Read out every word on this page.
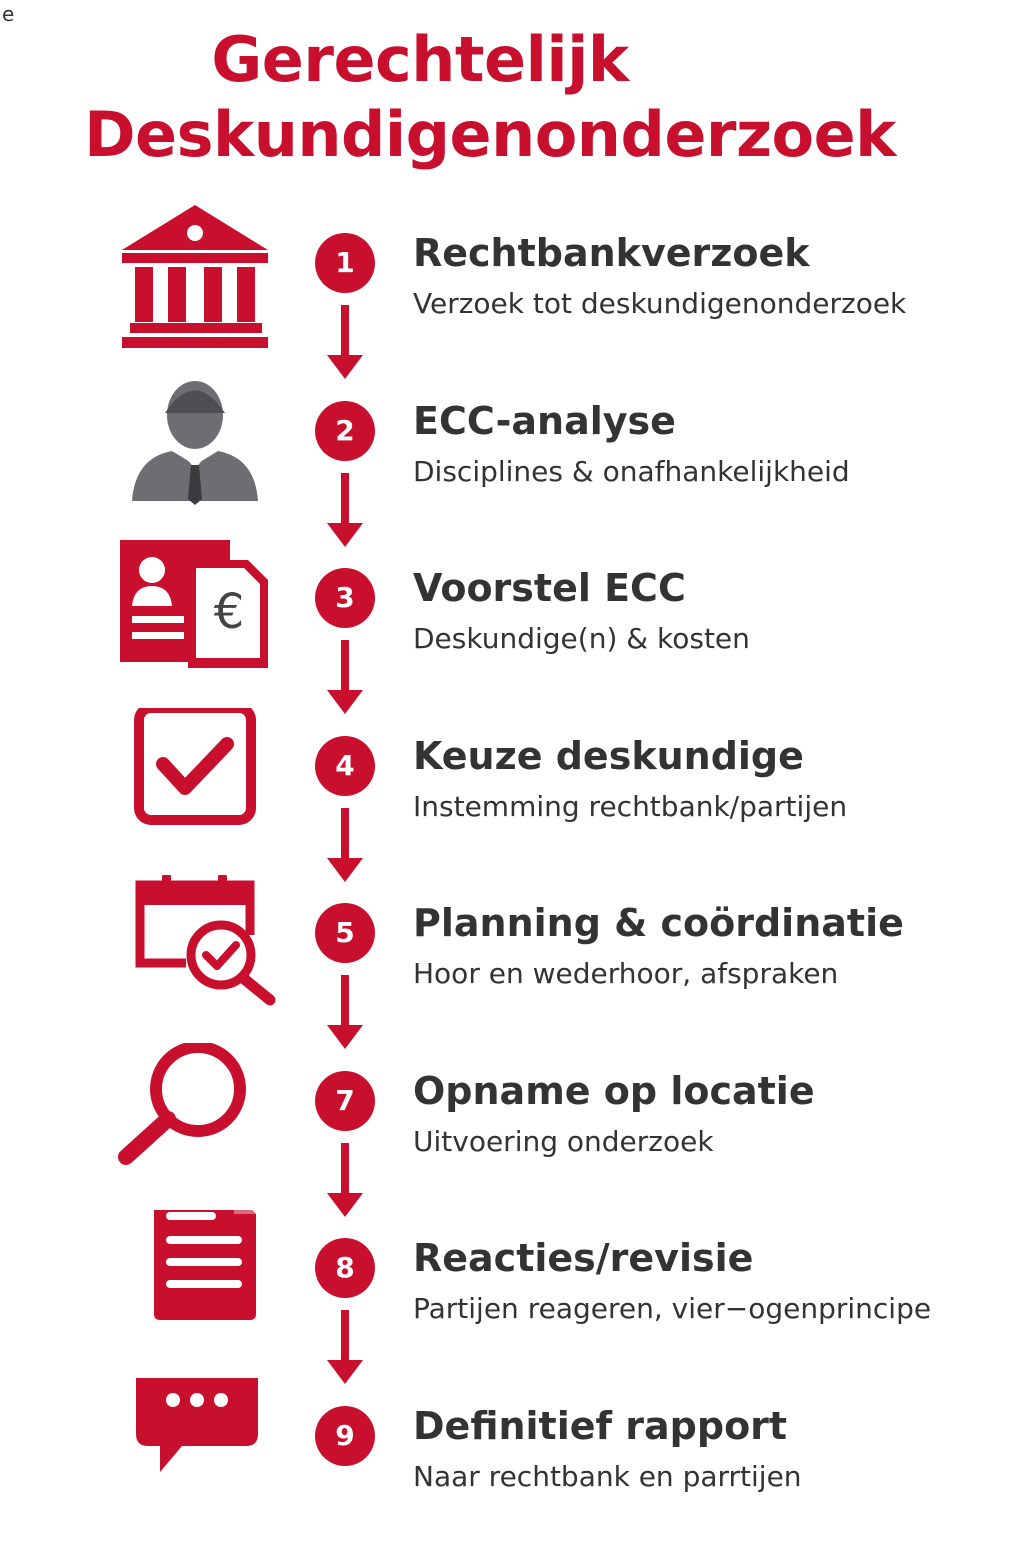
e
Gerechtelijk
Deskundigenonderzoek
1	Rechtbankverzoek
Verzoek tot deskundigenonderzoek
2	ECC-analyse
Disciplines & onafhankelijkheid
€	3	Voorstel ECC
Deskundige(n) & kosten
4	Keuze deskundige
Instemming rechtbank/partijen
5	Planning & coördinatie
Hoor en wederhoor, afspraken
7	Opname op locatie
Uitvoering onderzoek
8	Reacties/revisie
Partijen reageren, vier−ogenprincipe
9	Definitief rapport
Naar rechtbank en parrtijen
